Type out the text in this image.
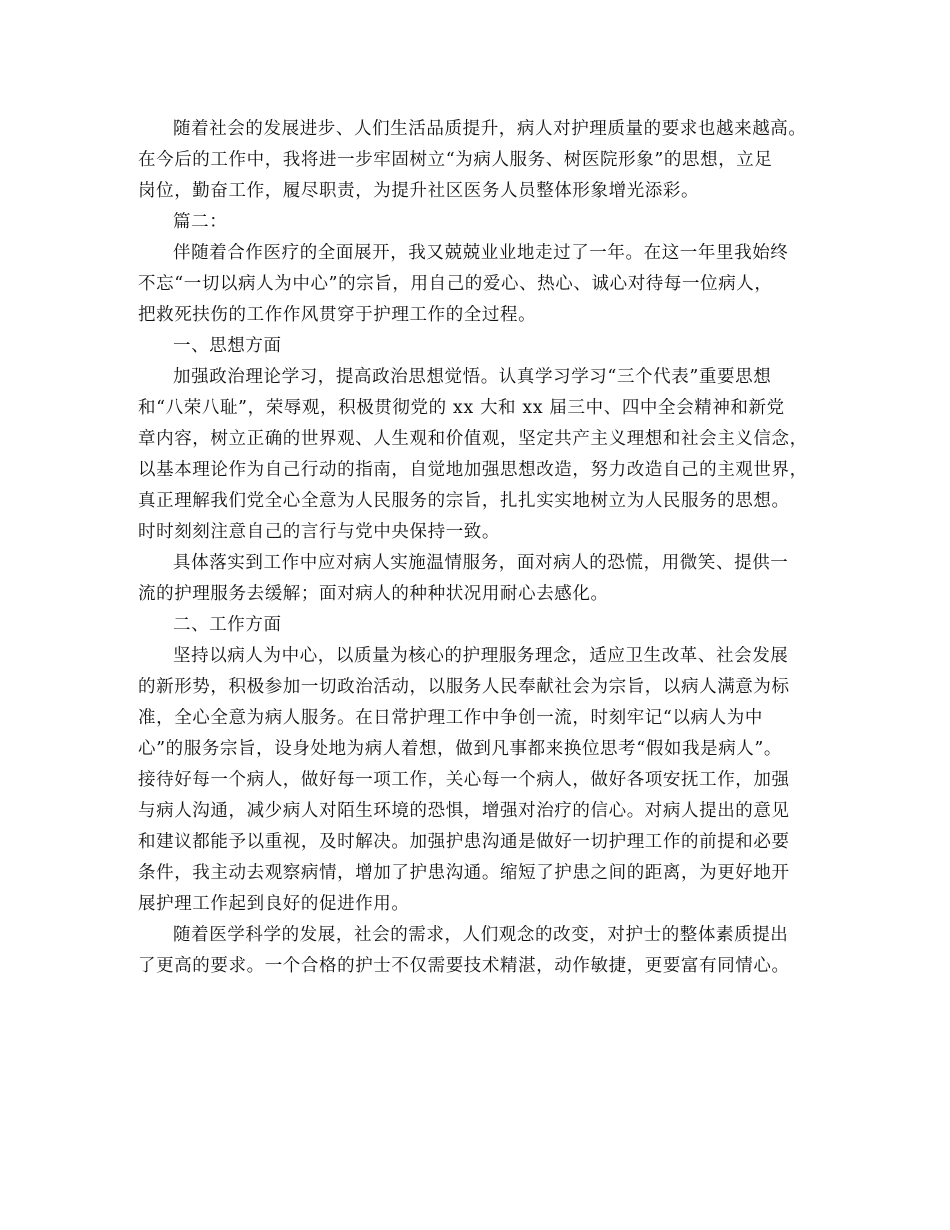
随着社会的发展进步、人们生活品质提升，病人对护理质量的要求也越来越高。
在今后的工作中，我将进一步牢固树立“为病人服务、树医院形象”的思想，立足
岗位，勤奋工作，履尽职责，为提升社区医务人员整体形象增光添彩。

篇二：

伴随着合作医疗的全面展开，我又兢兢业业地走过了一年。在这一年里我始终
不忘“一切以病人为中心”的宗旨，用自己的爱心、热心、诚心对待每一位病人，
把救死扶伤的工作作风贯穿于护理工作的全过程。

一、思想方面

加强政治理论学习，提高政治思想觉悟。认真学习学习“三个代表”重要思想
和“八荣八耻”，荣辱观，积极贯彻党的 xx 大和 xx 届三中、四中全会精神和新党
章内容，树立正确的世界观、人生观和价值观，坚定共产主义理想和社会主义信念，
以基本理论作为自己行动的指南，自觉地加强思想改造，努力改造自己的主观世界，
真正理解我们党全心全意为人民服务的宗旨，扎扎实实地树立为人民服务的思想。
时时刻刻注意自己的言行与党中央保持一致。

具体落实到工作中应对病人实施温情服务，面对病人的恐慌，用微笑、提供一
流的护理服务去缓解；面对病人的种种状况用耐心去感化。

二、工作方面

坚持以病人为中心，以质量为核心的护理服务理念，适应卫生改革、社会发展
的新形势，积极参加一切政治活动，以服务人民奉献社会为宗旨，以病人满意为标
准，全心全意为病人服务。在日常护理工作中争创一流，时刻牢记“以病人为中
心”的服务宗旨，设身处地为病人着想，做到凡事都来换位思考“假如我是病人”。
接待好每一个病人，做好每一项工作，关心每一个病人，做好各项安抚工作，加强
与病人沟通，减少病人对陌生环境的恐惧，增强对治疗的信心。对病人提出的意见
和建议都能予以重视，及时解决。加强护患沟通是做好一切护理工作的前提和必要
条件，我主动去观察病情，增加了护患沟通。缩短了护患之间的距离，为更好地开
展护理工作起到良好的促进作用。

随着医学科学的发展，社会的需求，人们观念的改变，对护士的整体素质提出
了更高的要求。一个合格的护士不仅需要技术精湛，动作敏捷，更要富有同情心。
